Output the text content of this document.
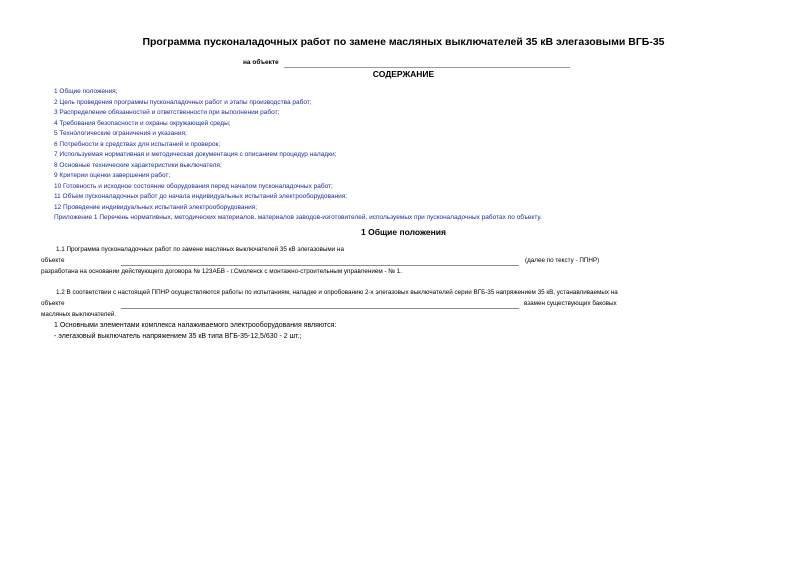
Программа пусконаладочных работ по замене масляных выключателей 35 кВ элегазовыми ВГБ-35
на объекте
СОДЕРЖАНИЕ
1 Общие положения;
2 Цель проведения программы пусконаладочных работ и этапы производства работ;
3 Распределение обязанностей и ответственности при выполнении работ;
4 Требования безопасности и охраны окружающей среды;
5 Технологические ограничения и указания;
6 Потребности в средствах для испытаний и проверок;
7 Используемая нормативная и методическая документация с описанием процедур наладки;
8 Основные технические характеристики выключателя;
9 Критерии оценки завершения работ;
10 Готовность и исходное состояние оборудования перед началом пусконаладочных работ;
11 Объем пусконаладочных работ до начала индивидуальных испытаний электрооборудования;
12 Проведение индивидуальных испытаний электрооборудования;
Приложение 1 Перечень нормативных, методических материалов, материалов заводов-изготовителей, используемых при пусконаладочных работах по объекту.
1 Общие положения
1.1 Программа пусконаладочных работ по замене масляных выключателей 35 кВ элегазовыми на
объекте	(далее по тексту - ППНР)
разработана на основании действующего договора № 123АБВ - г.Смоленск с монтажно-строительным управлением - № 1.
1.2 В соответствии с настоящей ППНР осуществляются работы по испытаниям, наладке и опробованию 2-х элегазовых выключателей серии ВГБ-35 напряжением 35 кВ, устанавливаемых на
объекте	взамен существующих баковых
масляных выключателей.
1 Основными элементами комплекса налаживаемого электрооборудования являются:
- элегазовый выключатель напряжением 35 кВ типа ВГБ-35-12,5/630 - 2 шт.;
